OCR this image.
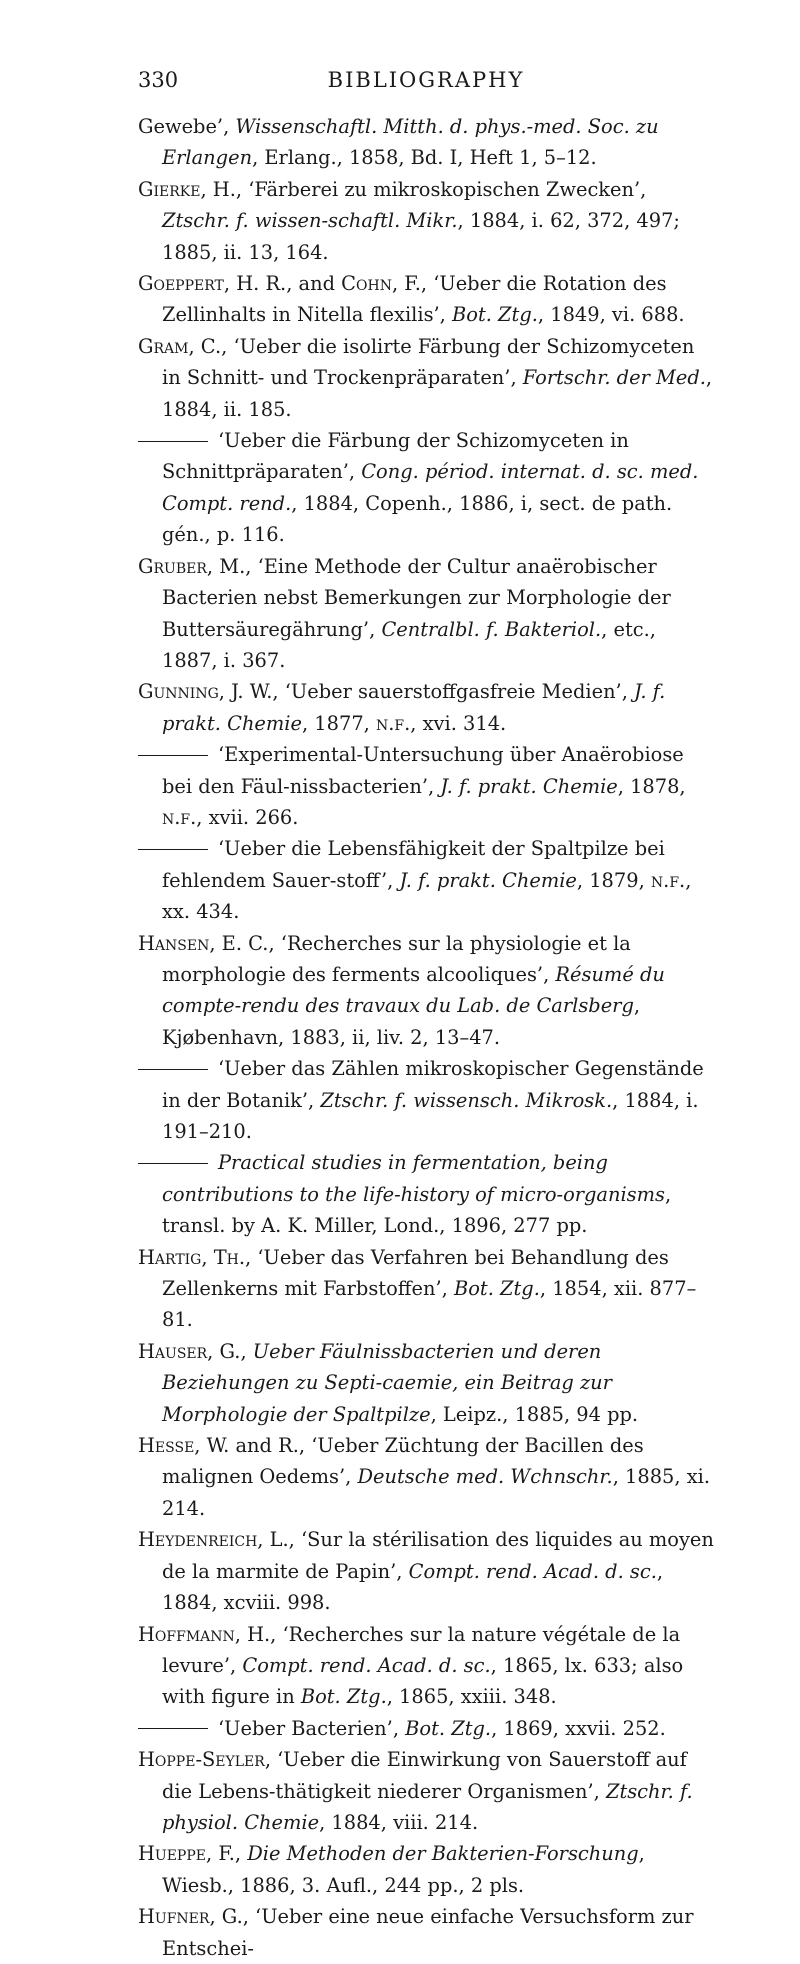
330	BIBLIOGRAPHY

Gewebe’, Wissenschaftl. Mitth. d. phys.-med. Soc. zu Erlangen, Erlang., 1858, Bd. I, Heft 1, 5–12.

Gierke, H., ‘Färberei zu mikroskopischen Zwecken’, Ztschr. f. wissen-schaftl. Mikr., 1884, i. 62, 372, 497; 1885, ii. 13, 164.

Goeppert, H. R., and Cohn, F., ‘Ueber die Rotation des Zellinhalts in Nitella flexilis’, Bot. Ztg., 1849, vi. 688.

Gram, C., ‘Ueber die isolirte Färbung der Schizomyceten in Schnitt- und Trockenpräparaten’, Fortschr. der Med., 1884, ii. 185.

‘Ueber die Färbung der Schizomyceten in Schnittpräparaten’, Cong. périod. internat. d. sc. med. Compt. rend., 1884, Copenh., 1886, i, sect. de path. gén., p. 116.

Gruber, M., ‘Eine Methode der Cultur anaërobischer Bacterien nebst Bemerkungen zur Morphologie der Buttersäuregährung’, Centralbl. f. Bakteriol., etc., 1887, i. 367.

Gunning, J. W., ‘Ueber sauerstoffgasfreie Medien’, J. f. prakt. Chemie, 1877, n.f., xvi. 314.

‘Experimental-Untersuchung über Anaërobiose bei den Fäul-nissbacterien’, J. f. prakt. Chemie, 1878, n.f., xvii. 266.

‘Ueber die Lebensfähigkeit der Spaltpilze bei fehlendem Sauer-stoff’, J. f. prakt. Chemie, 1879, n.f., xx. 434.

Hansen, E. C., ‘Recherches sur la physiologie et la morphologie des ferments alcooliques’, Résumé du compte-rendu des travaux du Lab. de Carlsberg, Kjøbenhavn, 1883, ii, liv. 2, 13–47.

‘Ueber das Zählen mikroskopischer Gegenstände in der Botanik’, Ztschr. f. wissensch. Mikrosk., 1884, i. 191–210.

Practical studies in fermentation, being contributions to the life-history of micro-organisms, transl. by A. K. Miller, Lond., 1896, 277 pp.

Hartig, Th., ‘Ueber das Verfahren bei Behandlung des Zellenkerns mit Farbstoffen’, Bot. Ztg., 1854, xii. 877–81.

Hauser, G., Ueber Fäulnissbacterien und deren Beziehungen zu Septi-caemie, ein Beitrag zur Morphologie der Spaltpilze, Leipz., 1885, 94 pp.

Hesse, W. and R., ‘Ueber Züchtung der Bacillen des malignen Oedems’, Deutsche med. Wchnschr., 1885, xi. 214.

Heydenreich, L., ‘Sur la stérilisation des liquides au moyen de la marmite de Papin’, Compt. rend. Acad. d. sc., 1884, xcviii. 998.

Hoffmann, H., ‘Recherches sur la nature végétale de la levure’, Compt. rend. Acad. d. sc., 1865, lx. 633; also with figure in Bot. Ztg., 1865, xxiii. 348.

‘Ueber Bacterien’, Bot. Ztg., 1869, xxvii. 252.

Hoppe-Seyler, ‘Ueber die Einwirkung von Sauerstoff auf die Lebens-thätigkeit niederer Organismen’, Ztschr. f. physiol. Chemie, 1884, viii. 214.

Hueppe, F., Die Methoden der Bakterien-Forschung, Wiesb., 1886, 3. Aufl., 244 pp., 2 pls.

Hufner, G., ‘Ueber eine neue einfache Versuchsform zur Entschei-
